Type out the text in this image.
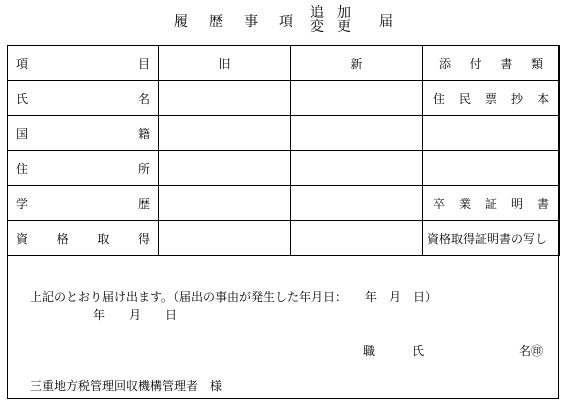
履歴事項
追加
変更 届
項 目	旧	新	添 付 書 類

氏 名			住 民 票 抄 本

国 籍			

住 所			

学 歴			卒 業 証 明 書

資 格 取 得			資格取得証明書の写し
上記のとおり届け出ます。（届出の事由が発生した年月日：　　年　月　日）
年　　月　　日
職	氏	名㊞
三重地方税管理回収機構管理者　様
